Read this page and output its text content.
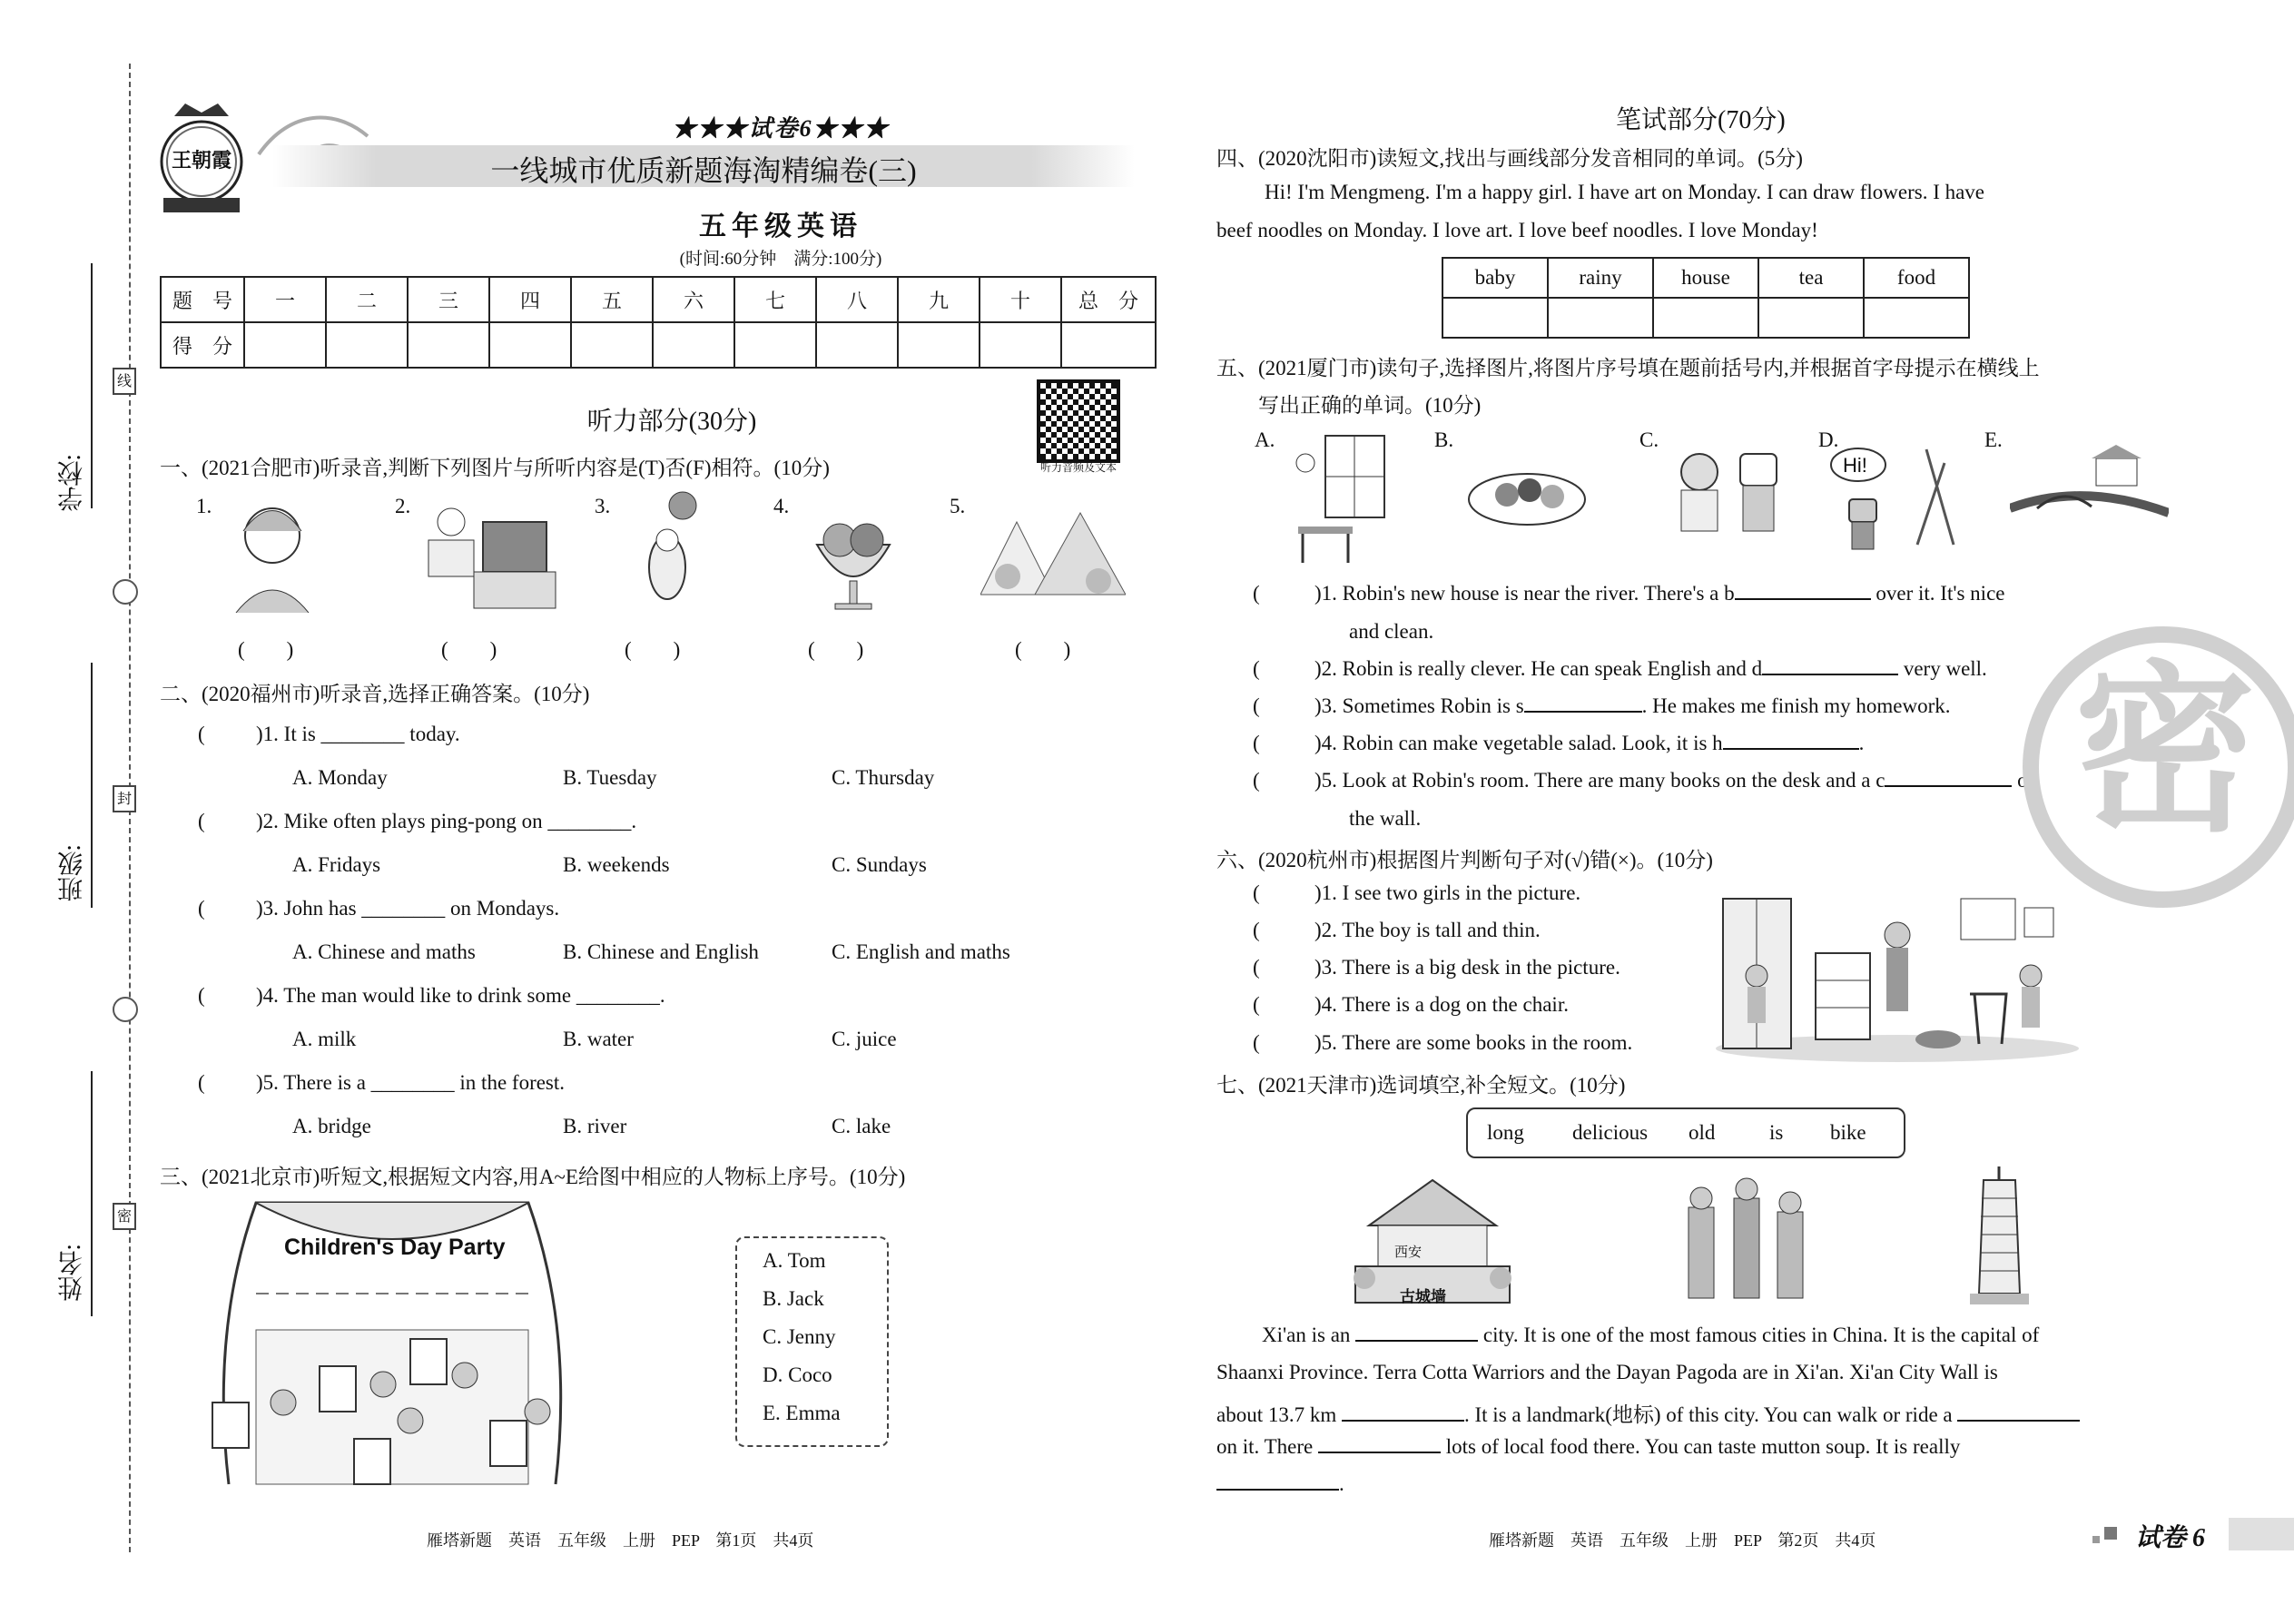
学校:
班级:
姓名:
线
封
密
王朝霞
★★★试卷6★★★
一线城市优质新题海淘精编卷(三)
五年级英语
(时间:60分钟　满分:100分)
题　号	一	二	三	四	五	六	七	八	九	十	总　分
得　分											
听力部分(30分)
听力音频及文本
一、(2021合肥市)听录音,判断下列图片与所听内容是(T)否(F)相符。(10分)
1.	2.	3.	4.	5.
(　　)	(　　)	(　　)	(　　)	(　　)
二、(2020福州市)听录音,选择正确答案。(10分)
( )1. It is ________ today.
A. Monday	B. Tuesday	C. Thursday
( )2. Mike often plays ping-pong on ________.
A. Fridays	B. weekends	C. Sundays
( )3. John has ________ on Mondays.
A. Chinese and maths	B. Chinese and English	C. English and maths
( )4. The man would like to drink some ________.
A. milk	B. water	C. juice
( )5. There is a ________ in the forest.
A. bridge	B. river	C. lake
三、(2021北京市)听短文,根据短文内容,用A~E给图中相应的人物标上序号。(10分)
Children's Day Party
A. Tom
B. Jack
C. Jenny
D. Coco
E. Emma
雁塔新题　英语　五年级　上册　PEP　第1页　共4页
笔试部分(70分)
四、(2020沈阳市)读短文,找出与画线部分发音相同的单词。(5分)
Hi! I'm Mengmeng. I'm a happy girl. I have art on Monday. I can draw flowers. I have
beef noodles on Monday. I love art. I love beef noodles. I love Monday!
baby	rainy	house	tea	food

五、(2021厦门市)读句子,选择图片,将图片序号填在题前括号内,并根据首字母提示在横线上
写出正确的单词。(10分)
A.	B.	C.	D.	E.
Hi!
(	)1. Robin's new house is near the river. There's a b	over it. It's nice
and clean.
(	)2. Robin is really clever. He can speak English and d	very well.
(	)3. Sometimes Robin is s	. He makes me finish my homework.
(	)4. Robin can make vegetable salad. Look, it is h	.
(	)5. Look at Robin's room. There are many books on the desk and a c	on
the wall.	密
六、(2020杭州市)根据图片判断句子对(√)错(×)。(10分)
(	)1. I see two girls in the picture.
(	)2. The boy is tall and thin.
(	)3. There is a big desk in the picture.
(	)4. There is a dog on the chair.
(	)5. There are some books in the room.
七、(2021天津市)选词填空,补全短文。(10分)
long delicious old	is bike
西安
古城墙
Xi'an is an	city. It is one of the most famous cities in China. It is the capital of
Shaanxi Province. Terra Cotta Warriors and the Dayan Pagoda are in Xi'an. Xi'an City Wall is
about 13.7 km	. It is a landmark(地标) of this city. You can walk or ride a
on it. There	lots of local food there. You can taste mutton soup. It is really
.
雁塔新题　英语　五年级　上册　PEP　第2页　共4页	试卷 6
